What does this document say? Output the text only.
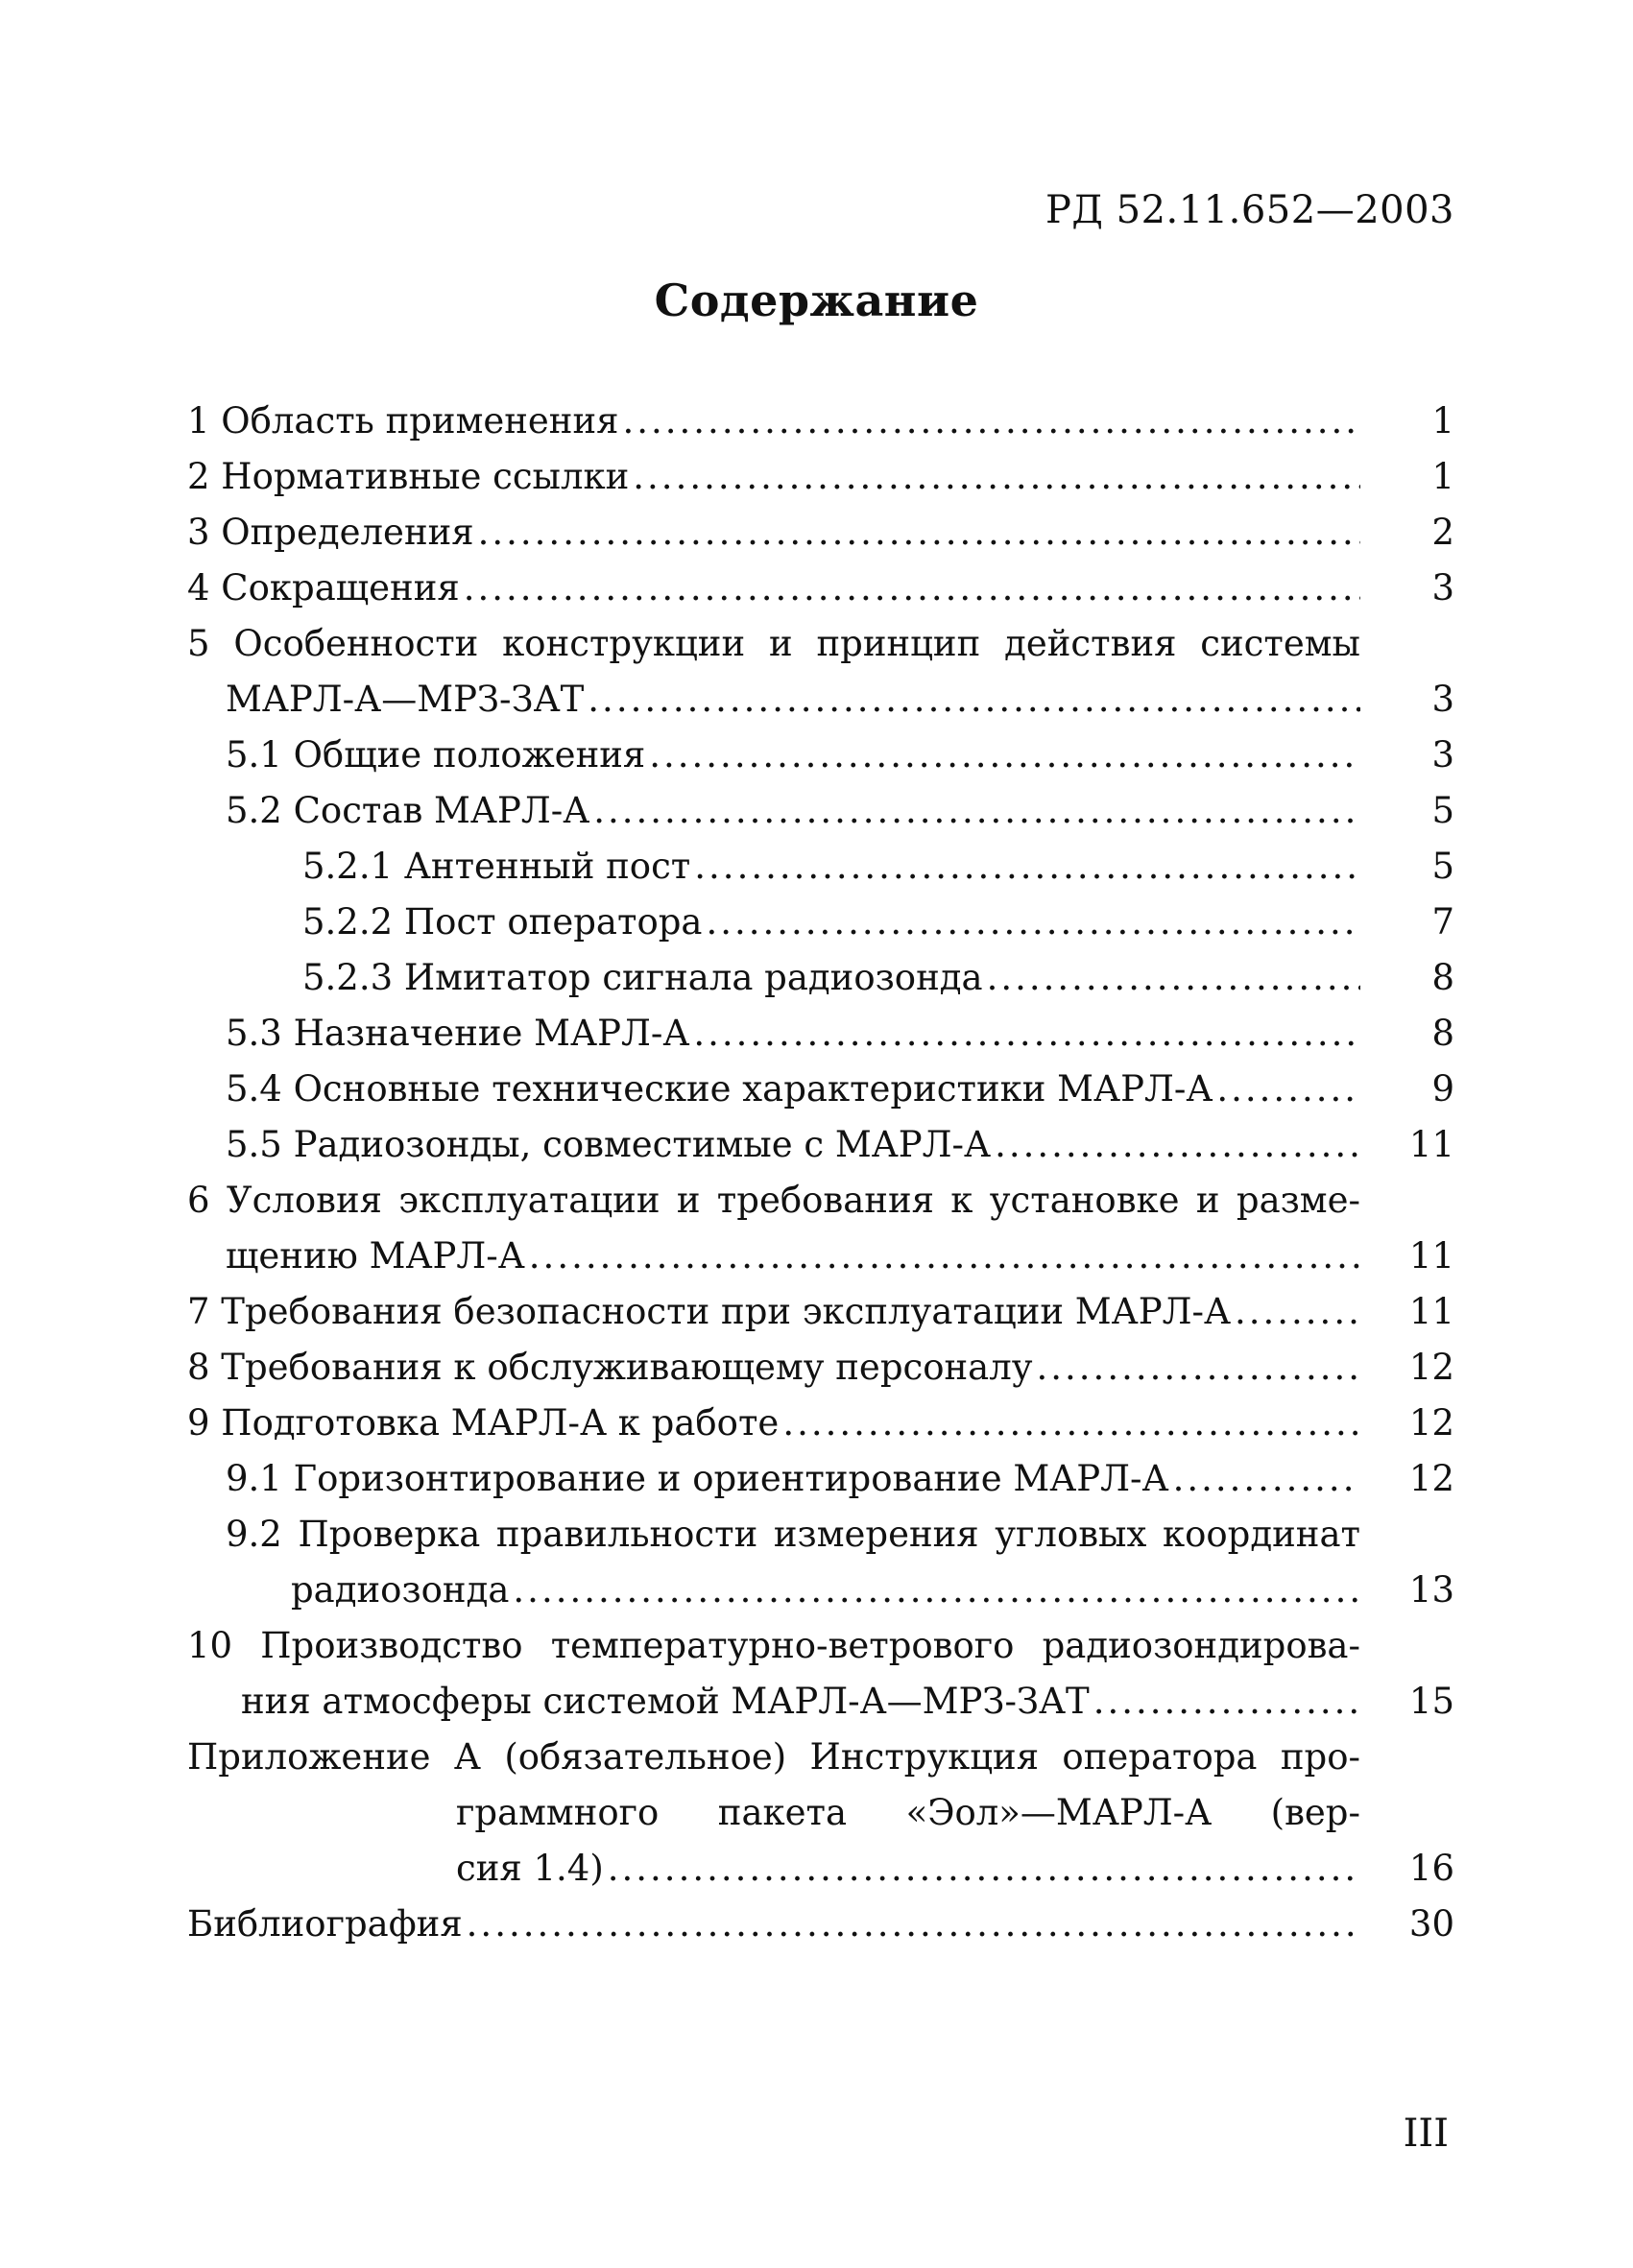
РД 52.11.652—2003
Содержание
1 Область применения .....	1
2 Нормативные ссылки .....	1
3 Определения .....	2
4 Сокращения .....	3
5 Особенности конструкции и принцип действия системы
МАРЛ-А—МРЗ-ЗАТ .....	3
5.1 Общие положения .....	3
5.2 Состав МАРЛ-А .....	5
5.2.1 Антенный пост .....	5
5.2.2 Пост оператора .....	7
5.2.3 Имитатор сигнала радиозонда .....	8
5.3 Назначение МАРЛ-А .....	8
5.4 Основные технические характеристики МАРЛ-А .....	9
5.5 Радиозонды, совместимые с МАРЛ-А .....	11
6 Условия эксплуатации и требования к установке и разме-
щению МАРЛ-А .....	11
7 Требования безопасности при эксплуатации МАРЛ-А .....	11
8 Требования к обслуживающему персоналу .....	12
9 Подготовка МАРЛ-А к работе .....	12
9.1 Горизонтирование и ориентирование МАРЛ-А .....	12
9.2 Проверка правильности измерения угловых координат
радиозонда .....	13
10 Производство температурно-ветрового радиозондирова-
ния атмосферы системой МАРЛ-А—МРЗ-ЗАТ .....	15
Приложение А (обязательное) Инструкция оператора про-
граммного пакета «Эол»—МАРЛ-А (вер-
сия 1.4) .....	16
Библиография .....	30
III
